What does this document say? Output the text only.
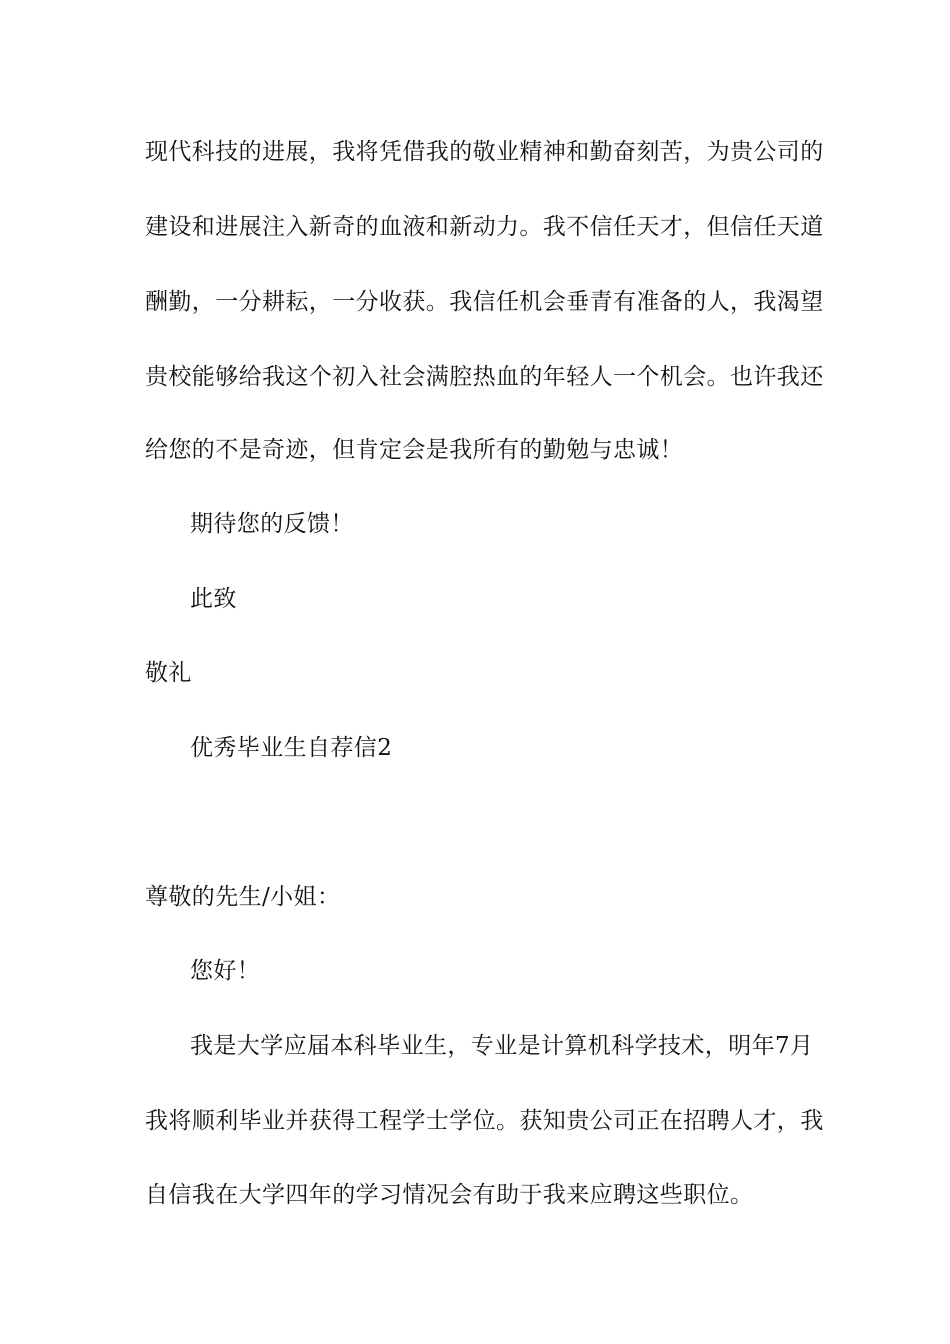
现代科技的进展，我将凭借我的敬业精神和勤奋刻苦，为贵公司的
建设和进展注入新奇的血液和新动力。我不信任天才，但信任天道
酬勤，一分耕耘，一分收获。我信任机会垂青有准备的人，我渴望
贵校能够给我这个初入社会满腔热血的年轻人一个机会。也许我还
给您的不是奇迹，但肯定会是我所有的勤勉与忠诚！
期待您的反馈！
此致
敬礼
优秀毕业生自荐信2
尊敬的先生/小姐：
您好！
我是大学应届本科毕业生，专业是计算机科学技术，明年7月
我将顺利毕业并获得工程学士学位。获知贵公司正在招聘人才，我
自信我在大学四年的学习情况会有助于我来应聘这些职位。
